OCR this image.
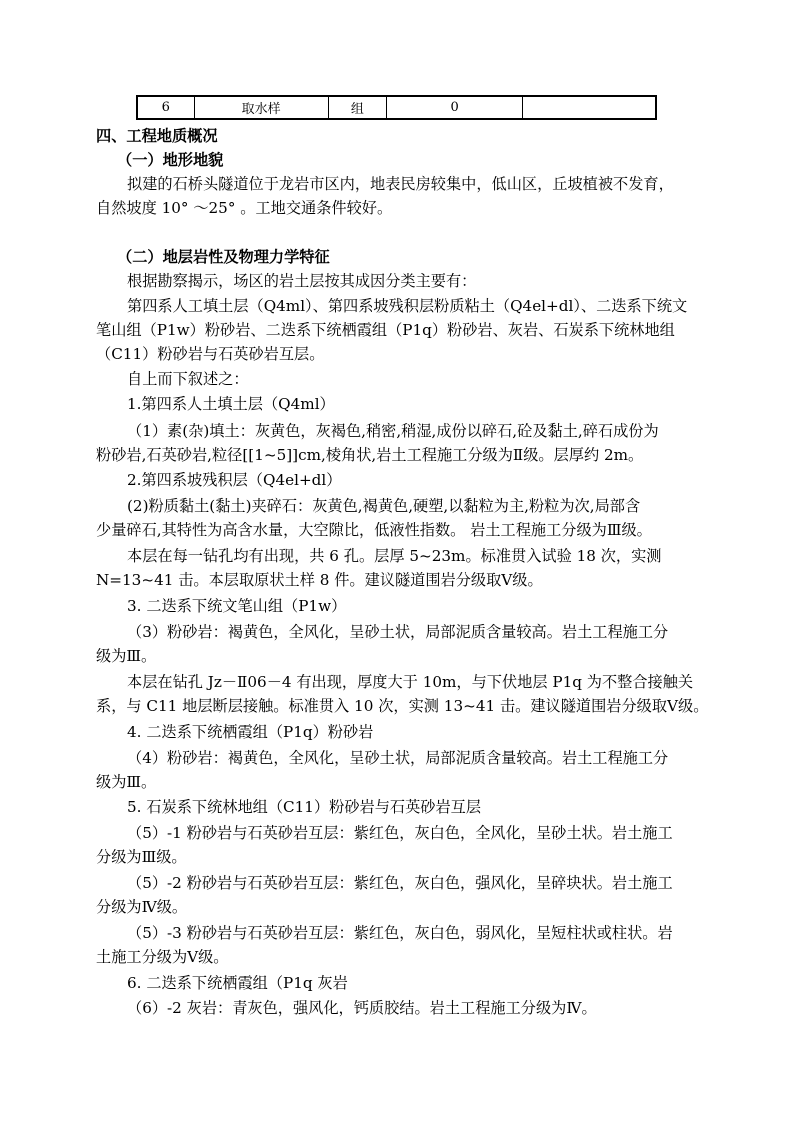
6	取水样	组	0	
四、工程地质概况
（一）地形地貌
拟建的石桥头隧道位于龙岩市区内，地表民房较集中，低山区，丘坡植被不发育，
自然坡度 10° ～25° 。工地交通条件较好。
（二）地层岩性及物理力学特征
根据勘察揭示，场区的岩土层按其成因分类主要有：
第四系人工填土层（Q4ml）、第四系坡残积层粉质粘土（Q4el+dl）、二迭系下统文
笔山组（P1w）粉砂岩、二迭系下统栖霞组（P1q）粉砂岩、灰岩、石炭系下统林地组
（C11）粉砂岩与石英砂岩互层。
自上而下叙述之：
1.第四系人土填土层（Q4ml）
（1）素(杂)填土：灰黄色，灰褐色,稍密,稍湿,成份以碎石,砼及黏土,碎石成份为
粉砂岩,石英砂岩,粒径[[1~5]]cm,棱角状,岩土工程施工分级为Ⅱ级。层厚约 2m。
2.第四系坡残积层（Q4el+dl）
(2)粉质黏土(黏土)夹碎石：灰黄色,褐黄色,硬塑,以黏粒为主,粉粒为次,局部含
少量碎石,其特性为高含水量，大空隙比，低液性指数。 岩土工程施工分级为Ⅲ级。
本层在每一钻孔均有出现，共 6 孔。层厚 5~23m。标准贯入试验 18 次，实测
N=13~41 击。本层取原状土样 8 件。建议隧道围岩分级取Ⅴ级。
3. 二迭系下统文笔山组（P1w）
（3）粉砂岩：褐黄色，全风化，呈砂土状，局部泥质含量较高。岩土工程施工分
级为Ⅲ。
本层在钻孔 Jz－Ⅱ06－4 有出现，厚度大于 10m，与下伏地层 P1q 为不整合接触关
系，与 C11 地层断层接触。标准贯入 10 次，实测 13~41 击。建议隧道围岩分级取Ⅴ级。
4. 二迭系下统栖霞组（P1q）粉砂岩
（4）粉砂岩：褐黄色，全风化，呈砂土状，局部泥质含量较高。岩土工程施工分
级为Ⅲ。
5. 石炭系下统林地组（C11）粉砂岩与石英砂岩互层
（5）-1 粉砂岩与石英砂岩互层：紫红色，灰白色，全风化，呈砂土状。岩土施工
分级为Ⅲ级。
（5）-2 粉砂岩与石英砂岩互层：紫红色，灰白色，强风化，呈碎块状。岩土施工
分级为Ⅳ级。
（5）-3 粉砂岩与石英砂岩互层：紫红色，灰白色，弱风化，呈短柱状或柱状。岩
土施工分级为Ⅴ级。
6. 二迭系下统栖霞组（P1q 灰岩
（6）-2 灰岩：青灰色，强风化，钙质胶结。岩土工程施工分级为Ⅳ。
